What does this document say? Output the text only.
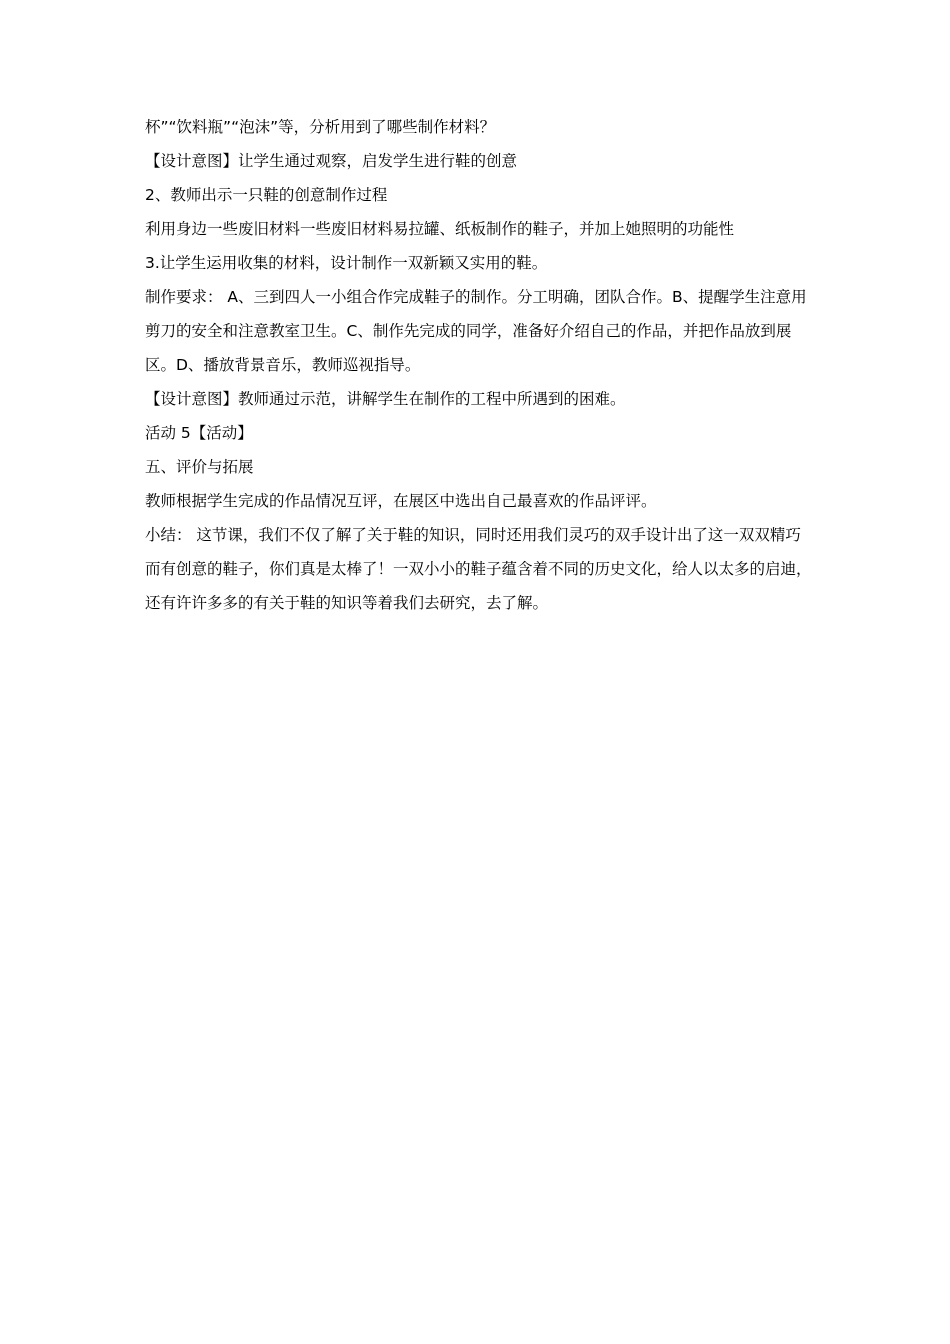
杯”“饮料瓶”“泡沫”等，分析用到了哪些制作材料？

【设计意图】让学生通过观察，启发学生进行鞋的创意

2、教师出示一只鞋的创意制作过程

利用身边一些废旧材料一些废旧材料易拉罐、纸板制作的鞋子，并加上她照明的功能性

3.让学生运用收集的材料，设计制作一双新颖又实用的鞋。

制作要求： A、三到四人一小组合作完成鞋子的制作。分工明确，团队合作。B、提醒学生注意用剪刀的安全和注意教室卫生。C、制作先完成的同学，准备好介绍自己的作品，并把作品放到展区。D、播放背景音乐，教师巡视指导。

【设计意图】教师通过示范，讲解学生在制作的工程中所遇到的困难。

活动 5【活动】

五、评价与拓展

教师根据学生完成的作品情况互评，在展区中选出自己最喜欢的作品评评。

小结： 这节课，我们不仅了解了关于鞋的知识，同时还用我们灵巧的双手设计出了这一双双精巧而有创意的鞋子，你们真是太棒了！一双小小的鞋子蕴含着不同的历史文化，给人以太多的启迪，还有许许多多的有关于鞋的知识等着我们去研究，去了解。
